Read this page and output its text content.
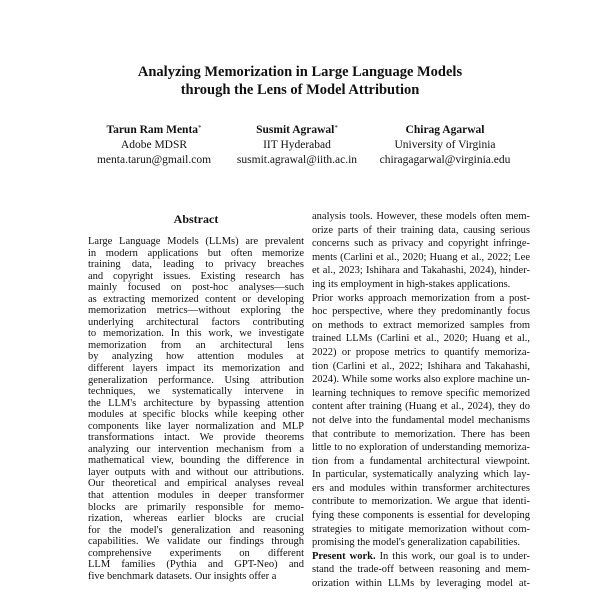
Analyzing Memorization in Large Language Models
through the Lens of Model Attribution
Tarun Ram Menta*
Adobe MDSR
menta.tarun@gmail.com
Susmit Agrawal*
IIT Hyderabad
susmit.agrawal@iith.ac.in
Chirag Agarwal
University of Virginia
chiragagarwal@virginia.edu
Abstract
Large Language Models (LLMs) are prevalent
in modern applications but often memorize
training data, leading to privacy breaches
and copyright issues. Existing research has
mainly focused on post-hoc analyses—such
as extracting memorized content or developing
memorization metrics—without exploring the
underlying architectural factors contributing
to memorization. In this work, we investigate
memorization from an architectural lens
by analyzing how attention modules at
different layers impact its memorization and
generalization performance. Using attribution
techniques, we systematically intervene in
the LLM's architecture by bypassing attention
modules at specific blocks while keeping other
components like layer normalization and MLP
transformations intact. We provide theorems
analyzing our intervention mechanism from a
mathematical view, bounding the difference in
layer outputs with and without our attributions.
Our theoretical and empirical analyses reveal
that attention modules in deeper transformer
blocks are primarily responsible for memo-
rization, whereas earlier blocks are crucial
for the model's generalization and reasoning
capabilities. We validate our findings through
comprehensive experiments on different
LLM families (Pythia and GPT-Neo) and
five benchmark datasets. Our insights offer a
analysis tools. However, these models often mem-
orize parts of their training data, causing serious
concerns such as privacy and copyright infringe-
ments (Carlini et al., 2020; Huang et al., 2022; Lee
et al., 2023; Ishihara and Takahashi, 2024), hinder-
ing its employment in high-stakes applications.
Prior works approach memorization from a post-
hoc perspective, where they predominantly focus
on methods to extract memorized samples from
trained LLMs (Carlini et al., 2020; Huang et al.,
2022) or propose metrics to quantify memoriza-
tion (Carlini et al., 2022; Ishihara and Takahashi,
2024). While some works also explore machine un-
learning techniques to remove specific memorized
content after training (Huang et al., 2024), they do
not delve into the fundamental model mechanisms
that contribute to memorization. There has been
little to no exploration of understanding memoriza-
tion from a fundamental architectural viewpoint.
In particular, systematically analyzing which lay-
ers and modules within transformer architectures
contribute to memorization. We argue that identi-
fying these components is essential for developing
strategies to mitigate memorization without com-
promising the model's generalization capabilities.
Present work. In this work, our goal is to under-
stand the trade-off between reasoning and mem-
orization within LLMs by leveraging model at-
